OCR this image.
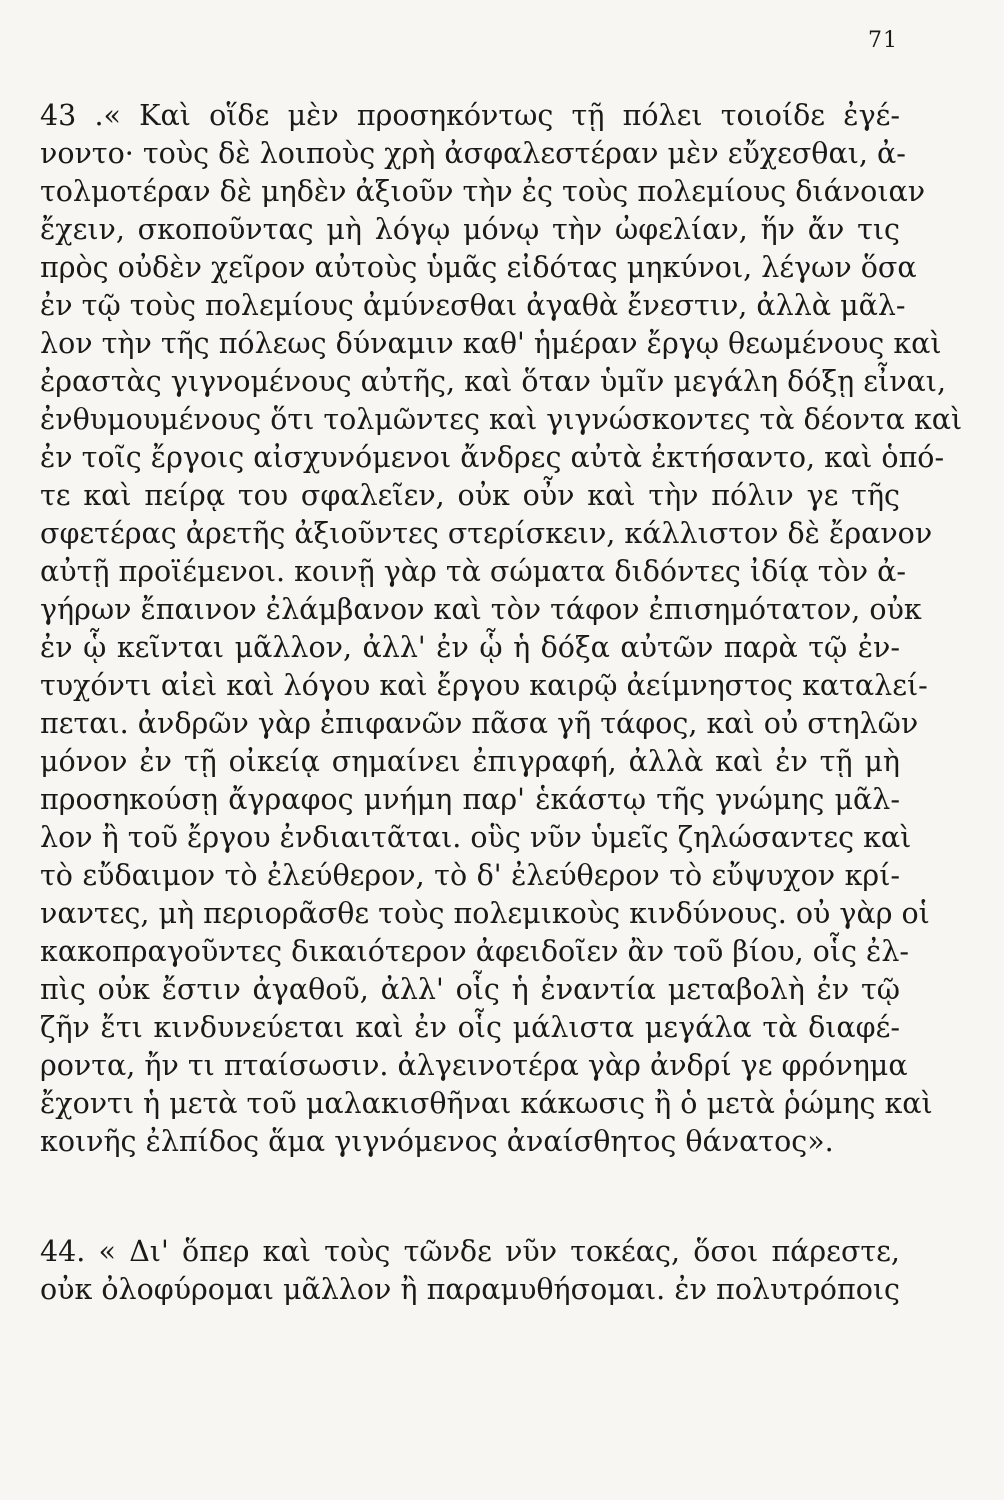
71
43 .« Καὶ οἵδε μὲν προσηκόντως τῇ πόλει τοιοίδε ἐγέ-
νοντο· τοὺς δὲ λοιποὺς χρὴ ἀσφαλεστέραν μὲν εὔχεσθαι, ἀ-
τολμοτέραν δὲ μηδὲν ἀξιοῦν τὴν ἐς τοὺς πολεμίους διάνοιαν
ἔχειν, σκοποῦντας μὴ λόγῳ μόνῳ τὴν ὠφελίαν, ἥν ἄν τις
πρὸς οὐδὲν χεῖρον αὐτοὺς ὑμᾶς εἰδότας μηκύνοι, λέγων ὅσα
ἐν τῷ τοὺς πολεμίους ἀμύνεσθαι ἀγαθὰ ἔνεστιν, ἀλλὰ μᾶλ-
λον τὴν τῆς πόλεως δύναμιν καθ' ἡμέραν ἔργῳ θεωμένους καὶ
ἐραστὰς γιγνομένους αὐτῆς, καὶ ὅταν ὑμῖν μεγάλη δόξῃ εἶναι,
ἐνθυμουμένους ὅτι τολμῶντες καὶ γιγνώσκοντες τὰ δέοντα καὶ
ἐν τοῖς ἔργοις αἰσχυνόμενοι ἄνδρες αὐτὰ ἐκτήσαντο, καὶ ὁπό-
τε καὶ πείρᾳ του σφαλεῖεν, οὐκ οὖν καὶ τὴν πόλιν γε τῆς
σφετέρας ἀρετῆς ἀξιοῦντες στερίσκειν, κάλλιστον δὲ ἔρανον
αὐτῇ προϊέμενοι. κοινῇ γὰρ τὰ σώματα διδόντες ἰδίᾳ τὸν ἀ-
γήρων ἔπαινον ἐλάμβανον καὶ τὸν τάφον ἐπισημότατον, οὐκ
ἐν ᾧ κεῖνται μᾶλλον, ἀλλ' ἐν ᾧ ἡ δόξα αὐτῶν παρὰ τῷ ἐν-
τυχόντι αἰεὶ καὶ λόγου καὶ ἔργου καιρῷ ἀείμνηστος καταλεί-
πεται. ἀνδρῶν γὰρ ἐπιφανῶν πᾶσα γῆ τάφος, καὶ οὐ στηλῶν
μόνον ἐν τῇ οἰκείᾳ σημαίνει ἐπιγραφή, ἀλλὰ καὶ ἐν τῇ μὴ
προσηκούσῃ ἄγραφος μνήμη παρ' ἑκάστῳ τῆς γνώμης μᾶλ-
λον ἢ τοῦ ἔργου ἐνδιαιτᾶται. οὓς νῦν ὑμεῖς ζηλώσαντες καὶ
τὸ εὔδαιμον τὸ ἐλεύθερον, τὸ δ' ἐλεύθερον τὸ εὔψυχον κρί-
ναντες, μὴ περιορᾶσθε τοὺς πολεμικοὺς κινδύνους. οὐ γὰρ οἱ
κακοπραγοῦντες δικαιότερον ἀφειδοῖεν ἂν τοῦ βίου, οἷς ἐλ-
πὶς οὐκ ἔστιν ἀγαθοῦ, ἀλλ' οἷς ἡ ἐναντία μεταβολὴ ἐν τῷ
ζῆν ἔτι κινδυνεύεται καὶ ἐν οἷς μάλιστα μεγάλα τὰ διαφέ-
ροντα, ἤν τι πταίσωσιν. ἀλγεινοτέρα γὰρ ἀνδρί γε φρόνημα
ἔχοντι ἡ μετὰ τοῦ μαλακισθῆναι κάκωσις ἢ ὁ μετὰ ῥώμης καὶ
κοινῆς ἐλπίδος ἅμα γιγνόμενος ἀναίσθητος θάνατος».
44. « Δι' ὅπερ καὶ τοὺς τῶνδε νῦν τοκέας, ὅσοι πάρεστε,
οὐκ ὀλοφύρομαι μᾶλλον ἢ παραμυθήσομαι. ἐν πολυτρόποις
